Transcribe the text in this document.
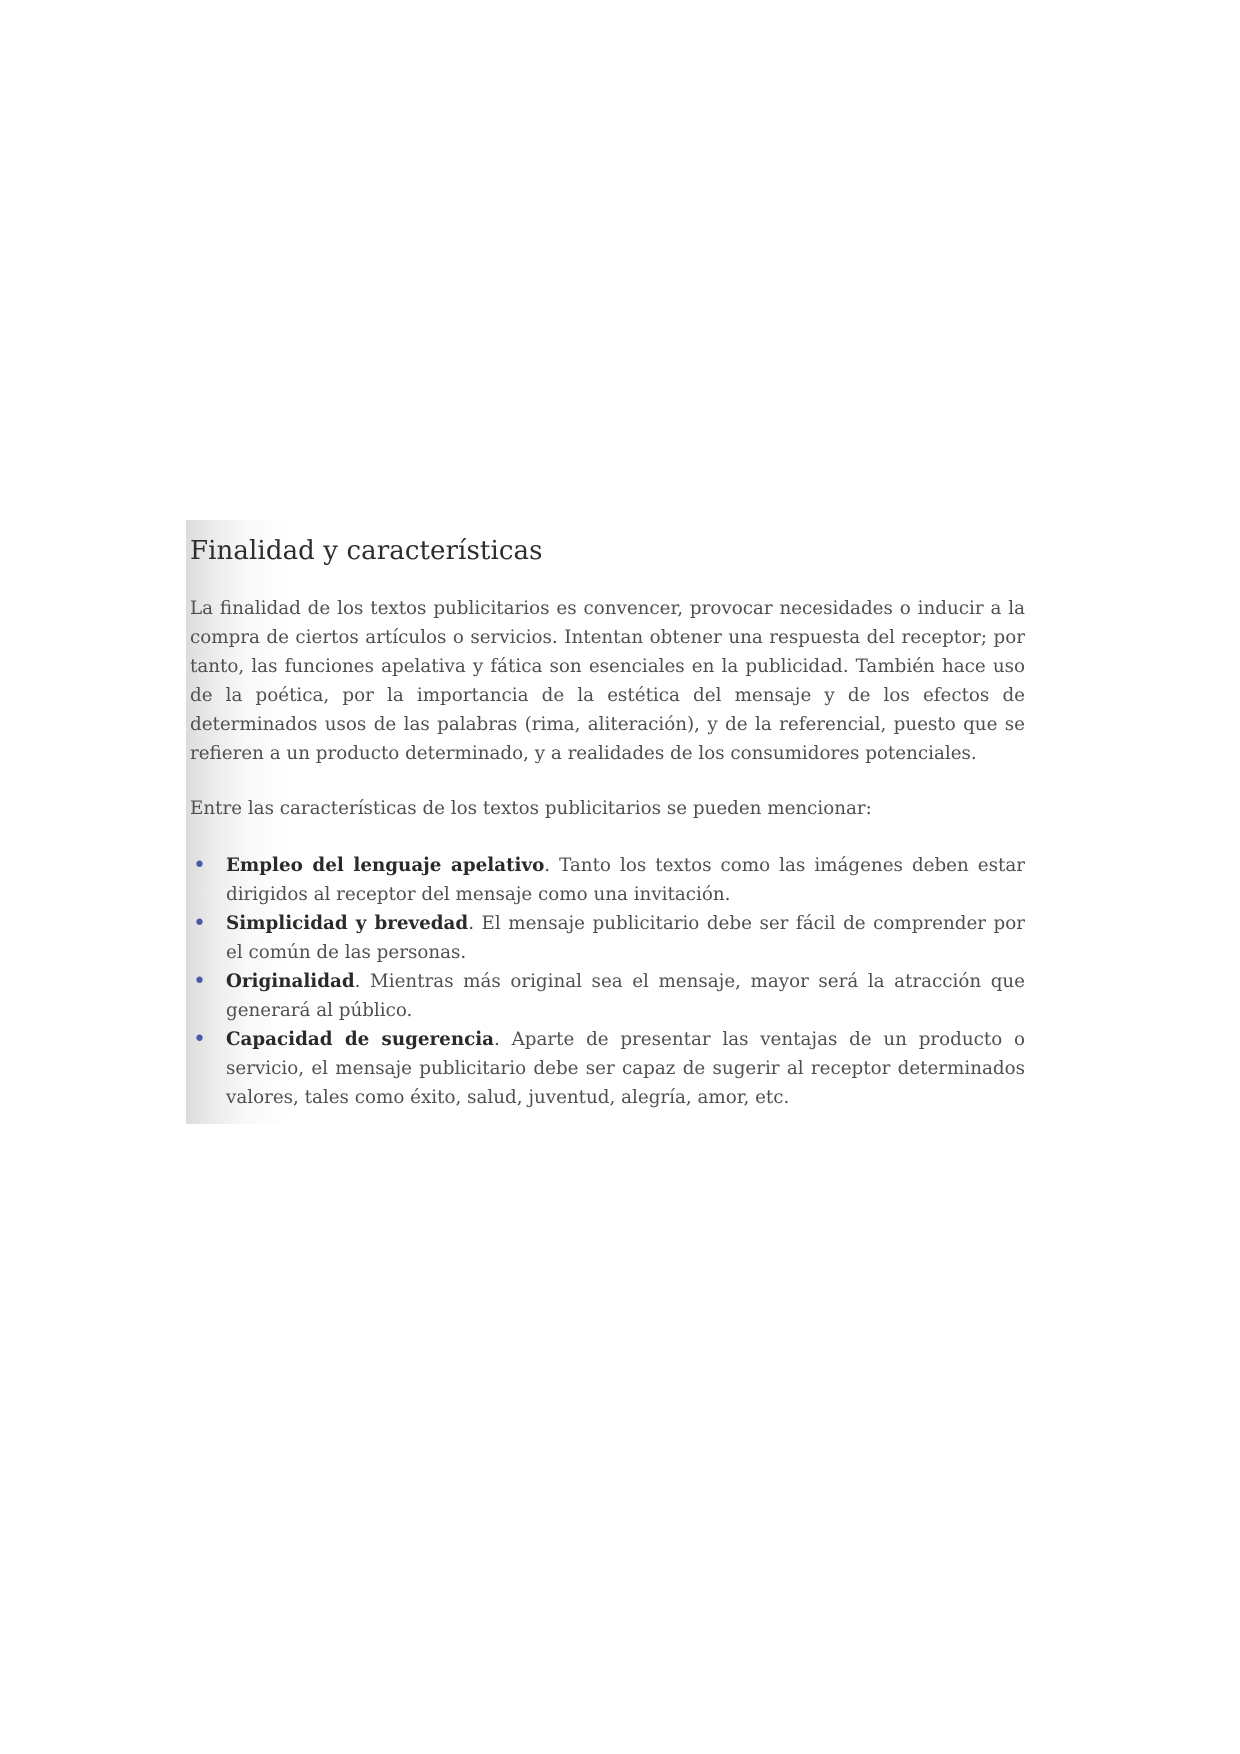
Finalidad y características

La finalidad de los textos publicitarios es convencer, provocar necesidades o inducir a la compra de ciertos artículos o servicios. Intentan obtener una respuesta del receptor; por tanto, las funciones apelativa y fática son esenciales en la publicidad. También hace uso de la poética, por la importancia de la estética del mensaje y de los efectos de determinados usos de las palabras (rima, aliteración), y de la referencial, puesto que se refieren a un producto determinado, y a realidades de los consumidores potenciales.

Entre las características de los textos publicitarios se pueden mencionar:

• Empleo del lenguaje apelativo. Tanto los textos como las imágenes deben estar dirigidos al receptor del mensaje como una invitación.
• Simplicidad y brevedad. El mensaje publicitario debe ser fácil de comprender por el común de las personas.
• Originalidad. Mientras más original sea el mensaje, mayor será la atracción que generará al público.
• Capacidad de sugerencia. Aparte de presentar las ventajas de un producto o servicio, el mensaje publicitario debe ser capaz de sugerir al receptor determinados valores, tales como éxito, salud, juventud, alegría, amor, etc.
